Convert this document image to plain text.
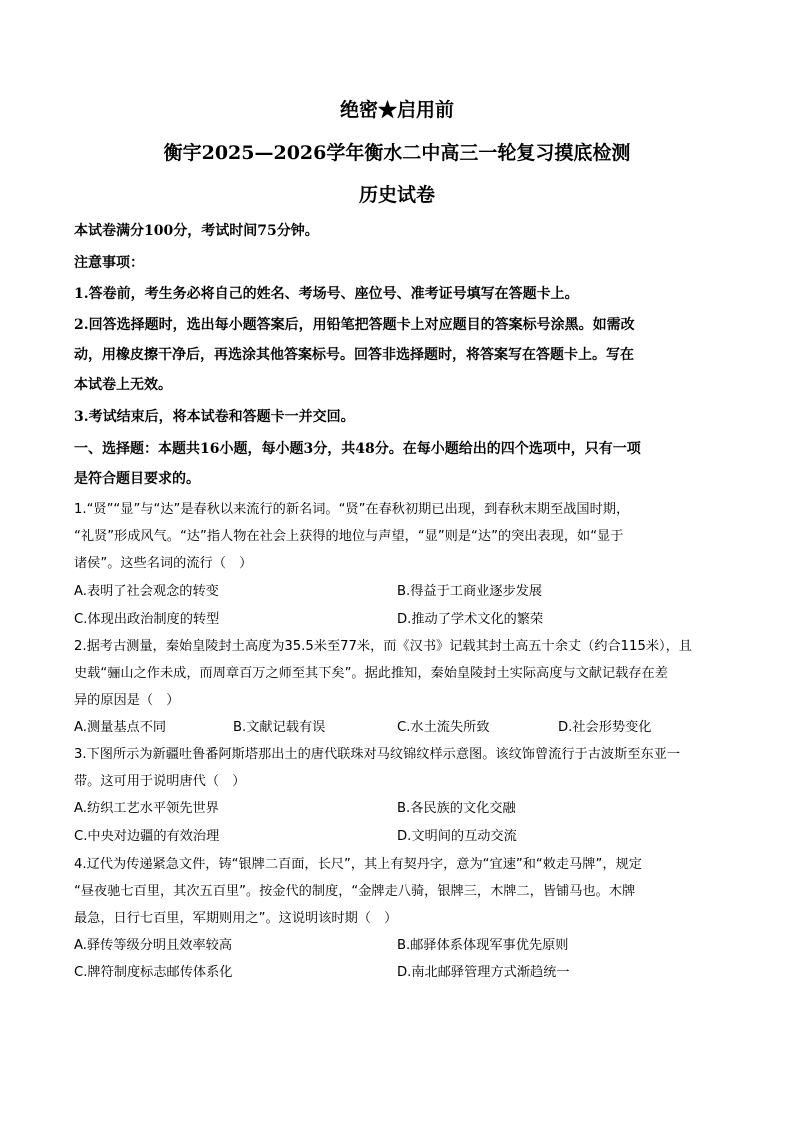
绝密★启用前
衡宇2025—2026学年衡水二中高三一轮复习摸底检测
历史试卷
本试卷满分100分，考试时间75分钟。
注意事项：
1.答卷前，考生务必将自己的姓名、考场号、座位号、准考证号填写在答题卡上。
2.回答选择题时，选出每小题答案后，用铅笔把答题卡上对应题目的答案标号涂黑。如需改
动，用橡皮擦干净后，再选涂其他答案标号。回答非选择题时，将答案写在答题卡上。写在
本试卷上无效。
3.考试结束后，将本试卷和答题卡一并交回。
一、选择题：本题共16小题，每小题3分，共48分。在每小题给出的四个选项中，只有一项
是符合题目要求的。
1.“贤”“显”与“达”是春秋以来流行的新名词。“贤”在春秋初期已出现，到春秋末期至战国时期，
“礼贤”形成风气。“达”指人物在社会上获得的地位与声望，“显”则是“达”的突出表现，如“显于
诸侯”。这些名词的流行（　）
A.表明了社会观念的转变	B.得益于工商业逐步发展
C.体现出政治制度的转型	D.推动了学术文化的繁荣
2.据考古测量，秦始皇陵封土高度为35.5米至77米，而《汉书》记载其封土高五十余丈（约合115米），且
史载“骊山之作未成，而周章百万之师至其下矣”。据此推知，秦始皇陵封土实际高度与文献记载存在差
异的原因是（　）
A.测量基点不同	B.文献记载有误	C.水土流失所致	D.社会形势变化
3.下图所示为新疆吐鲁番阿斯塔那出土的唐代联珠对马纹锦纹样示意图。该纹饰曾流行于古波斯至东亚一
带。这可用于说明唐代（　）
A.纺织工艺水平领先世界	B.各民族的文化交融
C.中央对边疆的有效治理	D.文明间的互动交流
4.辽代为传递紧急文件，铸“银牌二百面，长尺”，其上有契丹字，意为“宜速”和“敕走马牌”，规定
“昼夜驰七百里，其次五百里”。按金代的制度，“金牌走八骑，银牌三，木牌二，皆铺马也。木牌
最急，日行七百里，军期则用之”。这说明该时期（　）
A.驿传等级分明且效率较高	B.邮驿体系体现军事优先原则
C.牌符制度标志邮传体系化	D.南北邮驿管理方式渐趋统一
